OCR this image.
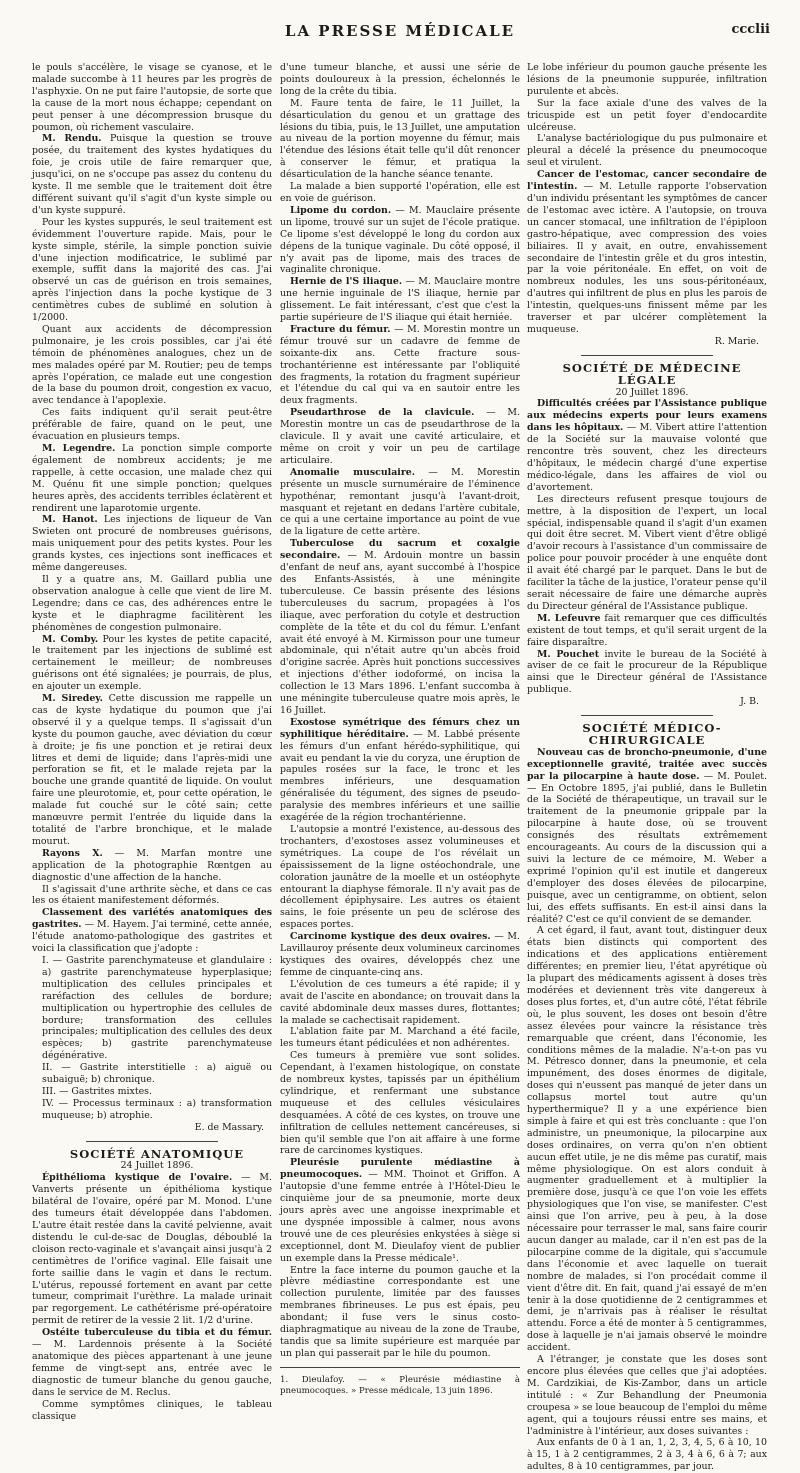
LA PRESSE MÉDICALE	ccclii

le pouls s'accélère, le visage se cyanose, et le malade succombe à 11 heures par les progrès de l'asphyxie. On ne put faire l'autopsie, de sorte que la cause de la mort nous échappe; cependant on peut penser à une décompression brusque du poumon, où richement vasculaire.

M. Rendu. Puisque la question se trouve posée, du traitement des kystes hydatiques du foie, je crois utile de faire remarquer que, jusqu'ici, on ne s'occupe pas assez du contenu du kyste. Il me semble que le traitement doit être différent suivant qu'il s'agit d'un kyste simple ou d'un kyste suppuré.

Pour les kystes suppurés, le seul traitement est évidemment l'ouverture rapide. Mais, pour le kyste simple, stérile, la simple ponction suivie d'une injection modificatrice, le sublimé par exemple, suffit dans la majorité des cas. J'ai observé un cas de guérison en trois semaines, après l'injection dans la poche kystique de 3 centimètres cubes de sublimé en solution à 1/2000.

Quant aux accidents de décompression pulmonaire, je les crois possibles, car j'ai été témoin de phénomènes analogues, chez un de mes malades opéré par M. Routier; peu de temps après l'opération, ce malade eut une congestion de la base du poumon droit, congestion ex vacuo, avec tendance à l'apoplexie.

Ces faits indiquent qu'il serait peut-être préférable de faire, quand on le peut, une évacuation en plusieurs temps.

M. Legendre. La ponction simple comporte également de nombreux accidents; je me rappelle, à cette occasion, une malade chez qui M. Quénu fit une simple ponction; quelques heures après, des accidents terribles éclatèrent et rendirent une laparotomie urgente.

M. Hanot. Les injections de liqueur de Van Swieten ont procuré de nombreuses guérisons, mais uniquement pour des petits kystes. Pour les grands kystes, ces injections sont inefficaces et même dangereuses.

Il y a quatre ans, M. Gaillard publia une observation analogue à celle que vient de lire M. Legendre; dans ce cas, des adhérences entre le kyste et le diaphragme facilitèrent les phénomènes de congestion pulmonaire.

M. Comby. Pour les kystes de petite capacité, le traitement par les injections de sublimé est certainement le meilleur; de nombreuses guérisons ont été signalées; je pourrais, de plus, en ajouter un exemple.

M. Siredey. Cette discussion me rappelle un cas de kyste hydatique du poumon que j'ai observé il y a quelque temps. Il s'agissait d'un kyste du poumon gauche, avec déviation du cœur à droite; je fis une ponction et je retirai deux litres et demi de liquide; dans l'après-midi une perforation se fit, et le malade rejeta par la bouche une grande quantité de liquide. On voulut faire une pleurotomie, et, pour cette opération, le malade fut couché sur le côté sain; cette manœuvre permit l'entrée du liquide dans la totalité de l'arbre bronchique, et le malade mourut.

Rayons X. — M. Marfan montre une application de la photographie Rœntgen au diagnostic d'une affection de la hanche.

Il s'agissait d'une arthrite sèche, et dans ce cas les os étaient manifestement déformés.

Classement des variétés anatomiques des gastrites. — M. Hayem. J'ai terminé, cette année, l'étude anatomo-pathologique des gastrites et voici la classification que j'adopte :

I. — Gastrite parenchymateuse et glandulaire : a) gastrite parenchymateuse hyperplasique; multiplication des cellules principales et raréfaction des cellules de bordure; multiplication ou hypertrophie des cellules de bordure; transformation des cellules principales; multiplication des cellules des deux espèces; b) gastrite parenchymateuse dégénérative.

II. — Gastrite interstitielle : a) aiguë ou subaiguë; b) chronique.

III. — Gastrites mixtes.

IV. — Processus terminaux : a) transformation muqueuse; b) atrophie.

E. de Massary.

SOCIÉTÉ ANATOMIQUE

24 Juillet 1896.

Épithélioma kystique de l'ovaire. — M. Vanverts présente un épithélioma kystique bilatéral de l'ovaire, opéré par M. Monod. L'une des tumeurs était développée dans l'abdomen. L'autre était restée dans la cavité pelvienne, avait distendu le cul-de-sac de Douglas, déboublé la cloison recto-vaginale et s'avançait ainsi jusqu'à 2 centimètres de l'orifice vaginal. Elle faisait une forte saillie dans le vagin et dans le rectum. L'utérus, repoussé fortement en avant par cette tumeur, comprimait l'urèthre. La malade urinait par regorgement. Le cathétérisme pré-opératoire permit de retirer de la vessie 2 lit. 1/2 d'urine.

Ostéite tuberculeuse du tibia et du fémur. — M. Lardennois présente à la Société anatomique des pièces appartenant à une jeune femme de vingt-sept ans, entrée avec le diagnostic de tumeur blanche du genou gauche, dans le service de M. Reclus.

Comme symptômes cliniques, le tableau classique

d'une tumeur blanche, et aussi une série de points douloureux à la pression, échelonnés le long de la crête du tibia.

M. Faure tenta de faire, le 11 Juillet, la désarticulation du genou et un grattage des lésions du tibia, puis, le 13 Juillet, une amputation au niveau de la portion moyenne du fémur, mais l'étendue des lésions était telle qu'il dût renoncer à conserver le fémur, et pratiqua la désarticulation de la hanche séance tenante.

La malade a bien supporté l'opération, elle est en voie de guérison.

Lipome du cordon. — M. Mauclaire présente un lipome, trouvé sur un sujet de l'école pratique. Ce lipome s'est développé le long du cordon aux dépens de la tunique vaginale. Du côté opposé, il n'y avait pas de lipome, mais des traces de vaginalite chronique.

Hernie de l'S iliaque. — M. Mauclaire montre une hernie inguinale de l'S iliaque, hernie par glissement. Le fait intéressant, c'est que c'est la partie supérieure de l'S iliaque qui était herniée.

Fracture du fémur. — M. Morestin montre un fémur trouvé sur un cadavre de femme de soixante-dix ans. Cette fracture sous-trochantérienne est intéressante par l'obliquité des fragments, la rotation du fragment supérieur et l'étendue du cal qui va en sautoir entre les deux fragments.

Pseudarthrose de la clavicule. — M. Morestin montre un cas de pseudarthrose de la clavicule. Il y avait une cavité articulaire, et même on croit y voir un peu de cartilage articulaire.

Anomalie musculaire. — M. Morestin présente un muscle surnuméraire de l'éminence hypothénar, remontant jusqu'à l'avant-droit, masquant et rejetant en dedans l'artère cubitale, ce qui a une certaine importance au point de vue de la ligature de cette artère.

Tuberculose du sacrum et coxalgie secondaire. — M. Ardouin montre un bassin d'enfant de neuf ans, ayant succombé à l'hospice des Enfants-Assistés, à une méningite tuberculeuse. Ce bassin présente des lésions tuberculeuses du sacrum, propagées à l'os iliaque, avec perforation du cotyle et destruction complète de la tête et du col du fémur. L'enfant avait été envoyé à M. Kirmisson pour une tumeur abdominale, qui n'était autre qu'un abcès froid d'origine sacrée. Après huit ponctions successives et injections d'éther iodoformé, on incisa la collection le 13 Mars 1896. L'enfant succomba à une méningite tuberculeuse quatre mois après, le 16 Juillet.

Exostose symétrique des fémurs chez un syphilitique héréditaire. — M. Labbé présente les fémurs d'un enfant hérédo-syphilitique, qui avait eu pendant la vie du coryza, une éruption de papules rosées sur la face, le tronc et les membres inférieurs, une desquamation généralisée du tégument, des signes de pseudo-paralysie des membres inférieurs et une saillie exagérée de la région trochantérienne.

L'autopsie a montré l'existence, au-dessous des trochanters, d'exostoses assez volumineuses et symétriques. La coupe de l'os révélait un épaississement de la ligne ostéochondrale, une coloration jaunâtre de la moelle et un ostéophyte entourant la diaphyse fémorale. Il n'y avait pas de décollement épiphysaire. Les autres os étaient sains, le foie présente un peu de sclérose des espaces portes.

Carcinome kystique des deux ovaires. — M. Lavillauroy présente deux volumineux carcinomes kystiques des ovaires, développés chez une femme de cinquante-cinq ans.

L'évolution de ces tumeurs a été rapide; il y avait de l'ascite en abondance; on trouvait dans la cavité abdominale deux masses dures, flottantes; la malade se cachectisait rapidement.

L'ablation faite par M. Marchand a été facile, les tumeurs étant pédiculées et non adhérentes.

Ces tumeurs à première vue sont solides. Cependant, à l'examen histologique, on constate de nombreux kystes, tapissés par un épithélium cylindrique, et renfermant une substance muqueuse et des cellules vésiculaires desquamées. A côté de ces kystes, on trouve une infiltration de cellules nettement cancéreuses, si bien qu'il semble que l'on ait affaire à une forme rare de carcinomes kystiques.

Pleurésie purulente médiastine à pneumocoques. — MM. Thoinot et Griffon. A l'autopsie d'une femme entrée à l'Hôtel-Dieu le cinquième jour de sa pneumonie, morte deux jours après avec une angoisse inexprimable et une dyspnée impossible à calmer, nous avons trouvé une de ces pleurésies enkystées à siège si exceptionnel, dont M. Dieulafoy vient de publier un exemple dans la Presse médicale¹.

Entre la face interne du poumon gauche et la plèvre médiastine correspondante est une collection purulente, limitée par des fausses membranes fibrineuses. Le pus est épais, peu abondant; il fuse vers le sinus costo-diaphragmatique au niveau de la zone de Traube, tandis que sa limite supérieure est marquée par un plan qui passerait par le hile du poumon.

1. Dieulafoy. — « Pleurésie médiastine à pneumocoques. » Presse médicale, 13 juin 1896.

Le lobe inférieur du poumon gauche présente les lésions de la pneumonie suppurée, infiltration purulente et abcès.

Sur la face axiale d'une des valves de la tricuspide est un petit foyer d'endocardite ulcéreuse.

L'analyse bactériologique du pus pulmonaire et pleural a décelé la présence du pneumocoque seul et virulent.

Cancer de l'estomac, cancer secondaire de l'intestin. — M. Letulle rapporte l'observation d'un individu présentant les symptômes de cancer de l'estomac avec ictère. A l'autopsie, on trouva un cancer stomacal, une infiltration de l'épiploon gastro-hépatique, avec compression des voies biliaires. Il y avait, en outre, envahissement secondaire de l'intestin grêle et du gros intestin, par la voie péritonéale. En effet, on voit de nombreux nodules, les uns sous-péritonéaux, d'autres qui infiltrent de plus en plus les parois de l'intestin, quelques-uns finissent même par les traverser et par ulcérer complètement la muqueuse.

R. Marie.

SOCIÉTÉ DE MÉDECINE LÉGALE

20 Juillet 1896.

Difficultés créées par l'Assistance publique aux médecins experts pour leurs examens dans les hôpitaux. — M. Vibert attire l'attention de la Société sur la mauvaise volonté que rencontre très souvent, chez les directeurs d'hôpitaux, le médecin chargé d'une expertise médico-légale, dans les affaires de viol ou d'avortement.

Les directeurs refusent presque toujours de mettre, à la disposition de l'expert, un local spécial, indispensable quand il s'agit d'un examen qui doit être secret. M. Vibert vient d'être obligé d'avoir recours à l'assistance d'un commissaire de police pour pouvoir procéder à une enquête dont il avait été chargé par le parquet. Dans le but de faciliter la tâche de la justice, l'orateur pense qu'il serait nécessaire de faire une démarche auprès du Directeur général de l'Assistance publique.

M. Lefeuvre fait remarquer que ces difficultés existent de tout temps, et qu'il serait urgent de la faire disparaître.

M. Pouchet invite le bureau de la Société à aviser de ce fait le procureur de la République ainsi que le Directeur général de l'Assistance publique.

J. B.

SOCIÉTÉ MÉDICO-CHIRURGICALE

Nouveau cas de broncho-pneumonie, d'une exceptionnelle gravité, traitée avec succès par la pilocarpine à haute dose. — M. Poulet. — En Octobre 1895, j'ai publié, dans le Bulletin de la Société de thérapeutique, un travail sur le traitement de la pneumonie grippale par la pilocarpine à haute dose, où se trouvent consignés des résultats extrêmement encourageants. Au cours de la discussion qui a suivi la lecture de ce mémoire, M. Weber a exprimé l'opinion qu'il est inutile et dangereux d'employer des doses élevées de pilocarpine, puisque, avec un centigramme, on obtient, selon lui, des effets suffisants. En est-il ainsi dans la réalité? C'est ce qu'il convient de se demander.

A cet égard, il faut, avant tout, distinguer deux états bien distincts qui comportent des indications et des applications entièrement différentes; en premier lieu, l'état apyrétique où la plupart des médicaments agissent à doses très modérées et deviennent très vite dangereux à doses plus fortes, et, d'un autre côté, l'état fébrile où, le plus souvent, les doses ont besoin d'être assez élevées pour vaincre la résistance très remarquable que créent, dans l'économie, les conditions mêmes de la maladie. N'a-t-on pas vu M. Pétresco donner, dans la pneumonie, et cela impunément, des doses énormes de digitale, doses qui n'eussent pas manqué de jeter dans un collapsus mortel tout autre qu'un hyperthermique? Il y a une expérience bien simple à faire et qui est très concluante : que l'on administre, un pneumonique, la pilocarpine aux doses ordinaires, on verra qu'on n'en obtient aucun effet utile, je ne dis même pas curatif, mais même physiologique. On est alors conduit à augmenter graduellement et à multiplier la première dose, jusqu'à ce que l'on voie les effets physiologiques que l'on vise, se manifester. C'est ainsi que l'on arrive, peu à peu, à la dose nécessaire pour terrasser le mal, sans faire courir aucun danger au malade, car il n'en est pas de la pilocarpine comme de la digitale, qui s'accumule dans l'économie et avec laquelle on tuerait nombre de malades, si l'on procédait comme il vient d'être dit. En fait, quand j'ai essayé de m'en tenir à la dose quotidienne de 2 centigrammes et demi, je n'arrivais pas à réaliser le résultat attendu. Force a été de monter à 5 centigrammes, dose à laquelle je n'ai jamais observé le moindre accident.

A l'étranger, je constate que les doses sont encore plus élevées que celles que j'ai adoptées. M. Cardzikiai, de Kis-Zambor, dans un article intitulé : « Zur Behandlung der Pneumonia croupesa » se loue beaucoup de l'emploi du même agent, qui a toujours réussi entre ses mains, et l'administre à l'intérieur, aux doses suivantes :

Aux enfants de 0 à 1 an, 1, 2, 3, 4, 5, 6 à 10, 10 à 15, 1 à 2 centigrammes, 2 à 3, 4 à 6, 6 à 7; aux adultes, 8 à 10 centigrammes, par jour.
